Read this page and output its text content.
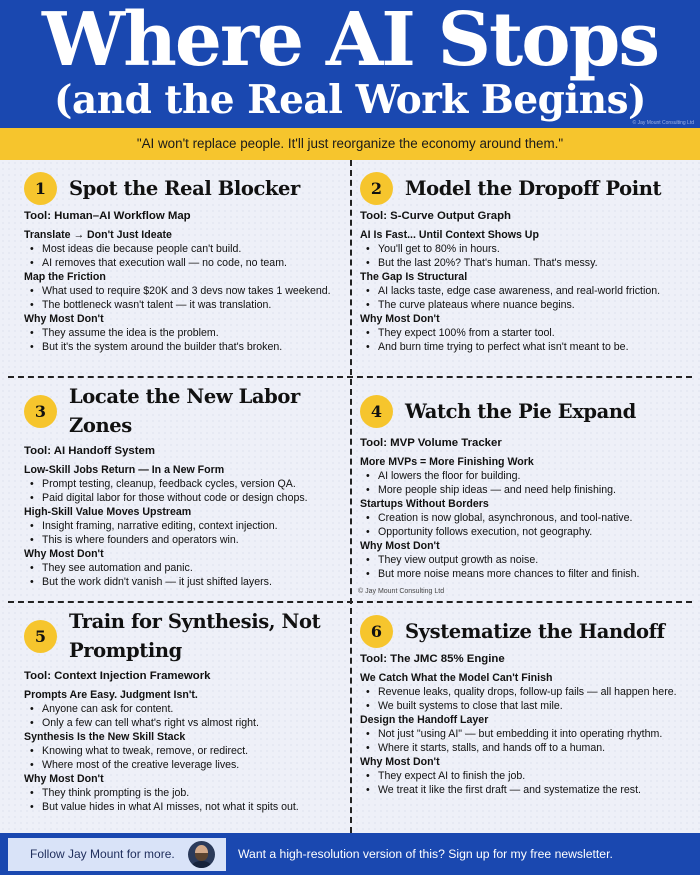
Where AI Stops
(and the Real Work Begins)
© Jay Mount Consulting Ltd
"AI won't replace people. It'll just reorganize the economy around them."
© Jay Mount Consulting Ltd
Follow Jay Mount for more.	Want a high-resolution version of this? Sign up for my free newsletter.
1	Spot the Real Blocker
Tool: Human–AI Workflow Map
Translate → Don't Just Ideate
• Most ideas die because people can't build.
• AI removes that execution wall — no code, no team.
Map the Friction
• What used to require $20K and 3 devs now takes 1 weekend.
• The bottleneck wasn't talent — it was translation.
Why Most Don't
• They assume the idea is the problem.
• But it's the system around the builder that's broken.
2	Model the Dropoff Point
Tool: S-Curve Output Graph
AI Is Fast... Until Context Shows Up
• You'll get to 80% in hours.
• But the last 20%? That's human. That's messy.
The Gap Is Structural
• AI lacks taste, edge case awareness, and real-world friction.
• The curve plateaus where nuance begins.
Why Most Don't
• They expect 100% from a starter tool.
• And burn time trying to perfect what isn't meant to be.
3
Locate the New Labor Zones
Tool: AI Handoff System
Low-Skill Jobs Return — In a New Form
• Prompt testing, cleanup, feedback cycles, version QA.
• Paid digital labor for those without code or design chops.
High-Skill Value Moves Upstream
• Insight framing, narrative editing, context injection.
• This is where founders and operators win.
Why Most Don't
• They see automation and panic.
• But the work didn't vanish — it just shifted layers.
4	Watch the Pie Expand
Tool: MVP Volume Tracker
More MVPs = More Finishing Work
• AI lowers the floor for building.
• More people ship ideas — and need help finishing.
Startups Without Borders
• Creation is now global, asynchronous, and tool-native.
• Opportunity follows execution, not geography.
Why Most Don't
• They view output growth as noise.
• But more noise means more chances to filter and finish.
5
Train for Synthesis, Not Prompting
Tool: Context Injection Framework
Prompts Are Easy. Judgment Isn't.
• Anyone can ask for content.
• Only a few can tell what's right vs almost right.
Synthesis Is the New Skill Stack
• Knowing what to tweak, remove, or redirect.
• Where most of the creative leverage lives.
Why Most Don't
• They think prompting is the job.
• But value hides in what AI misses, not what it spits out.
6	Systematize the Handoff
Tool: The JMC 85% Engine
We Catch What the Model Can't Finish
• Revenue leaks, quality drops, follow-up fails — all happen here.
• We built systems to close that last mile.
Design the Handoff Layer
• Not just "using AI" — but embedding it into operating rhythm.
• Where it starts, stalls, and hands off to a human.
Why Most Don't
• They expect AI to finish the job.
• We treat it like the first draft — and systematize the rest.
